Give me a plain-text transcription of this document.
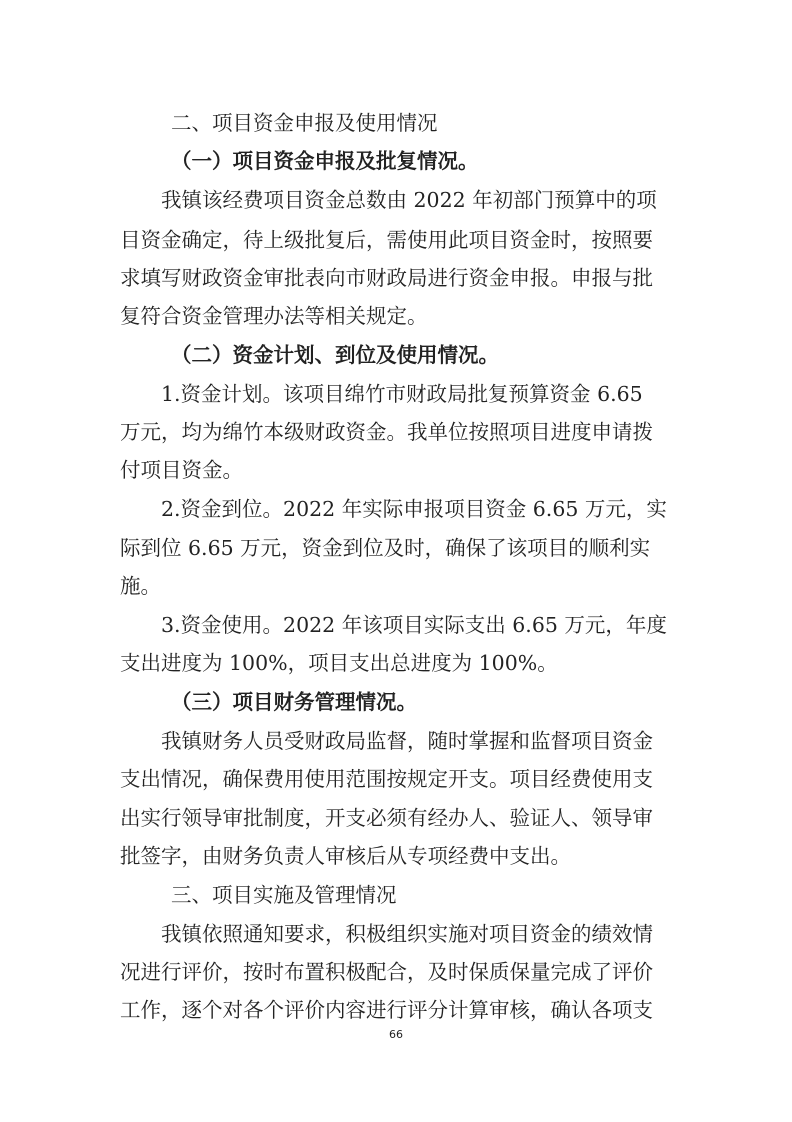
二、项目资金申报及使用情况

（一）项目资金申报及批复情况。

我镇该经费项目资金总数由 2022 年初部门预算中的项

目资金确定，待上级批复后，需使用此项目资金时，按照要

求填写财政资金审批表向市财政局进行资金申报。申报与批

复符合资金管理办法等相关规定。

（二）资金计划、到位及使用情况。

1.资金计划。该项目绵竹市财政局批复预算资金 6.65

万元，均为绵竹本级财政资金。我单位按照项目进度申请拨

付项目资金。

2.资金到位。2022 年实际申报项目资金 6.65 万元，实

际到位 6.65 万元，资金到位及时，确保了该项目的顺利实

施。

3.资金使用。2022 年该项目实际支出 6.65 万元，年度

支出进度为 100%，项目支出总进度为 100%。

（三）项目财务管理情况。

我镇财务人员受财政局监督，随时掌握和监督项目资金

支出情况，确保费用使用范围按规定开支。项目经费使用支

出实行领导审批制度，开支必须有经办人、验证人、领导审

批签字，由财务负责人审核后从专项经费中支出。

三、项目实施及管理情况

我镇依照通知要求，积极组织实施对项目资金的绩效情

况进行评价，按时布置积极配合，及时保质保量完成了评价

工作，逐个对各个评价内容进行评分计算审核，确认各项支

66
